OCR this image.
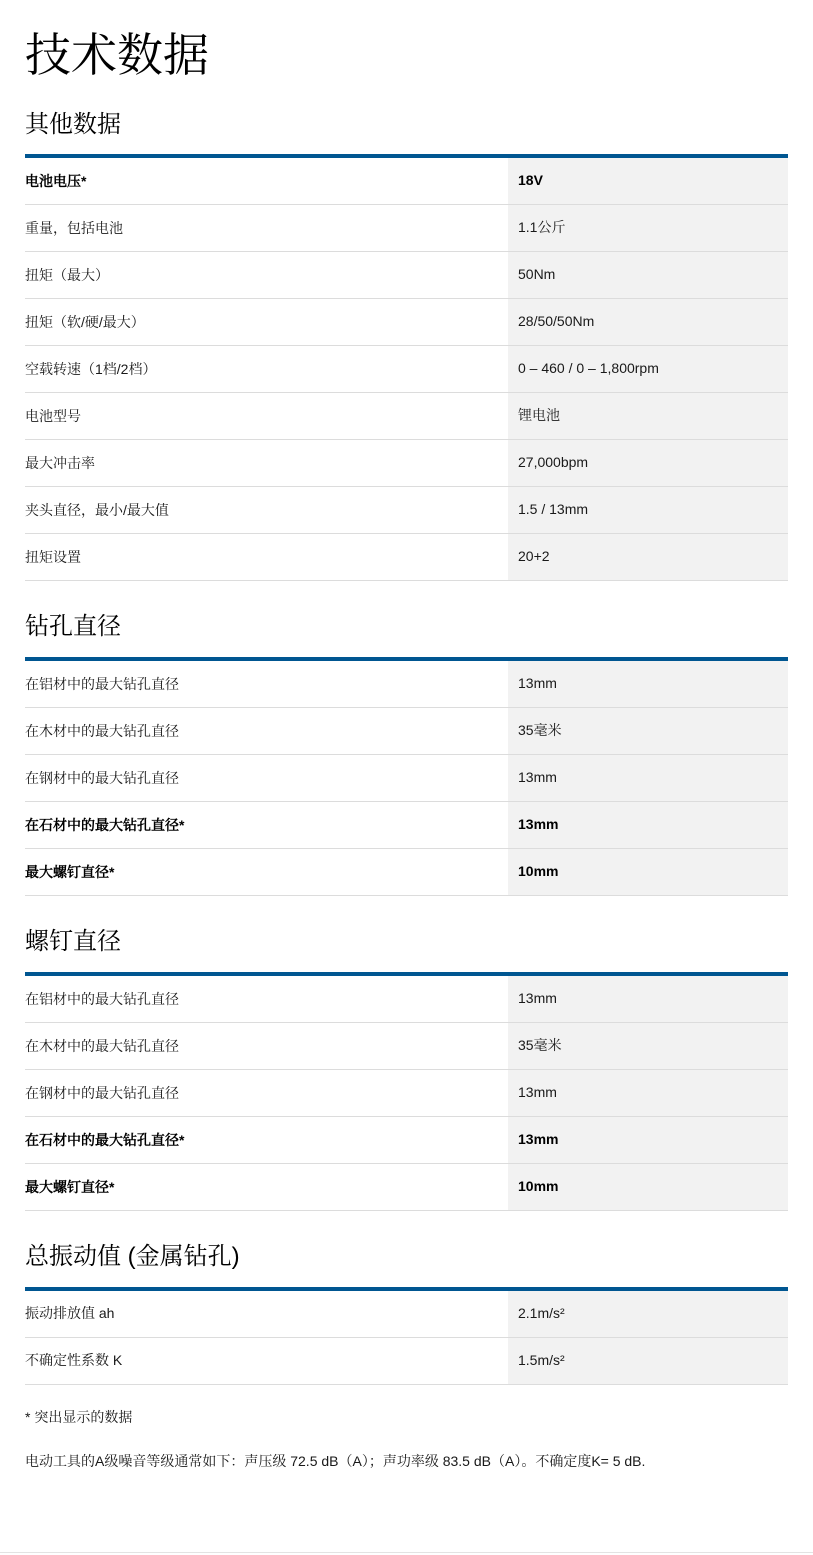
技术数据
其他数据
电池电压*	18V
重量，包括电池	1.1公斤
扭矩（最大）	50Nm
扭矩（软/硬/最大）	28/50/50Nm
空载转速（1档/2档）	0 – 460 / 0 – 1,800rpm
电池型号	锂电池
最大冲击率	27,000bpm
夹头直径，最小/最大值	1.5 / 13mm
扭矩设置	20+2
钻孔直径
在铝材中的最大钻孔直径	13mm
在木材中的最大钻孔直径	35毫米
在钢材中的最大钻孔直径	13mm
在石材中的最大钻孔直径*	13mm
最大螺钉直径*	10mm
螺钉直径
在铝材中的最大钻孔直径	13mm
在木材中的最大钻孔直径	35毫米
在钢材中的最大钻孔直径	13mm
在石材中的最大钻孔直径*	13mm
最大螺钉直径*	10mm
总振动值 (金属钻孔)
振动排放值 ah	2.1m/s²
不确定性系数 K	1.5m/s²

* 突出显示的数据

电动工具的A级噪音等级通常如下：声压级 72.5 dB（A）；声功率级 83.5 dB（A）。不确定度K= 5 dB.
